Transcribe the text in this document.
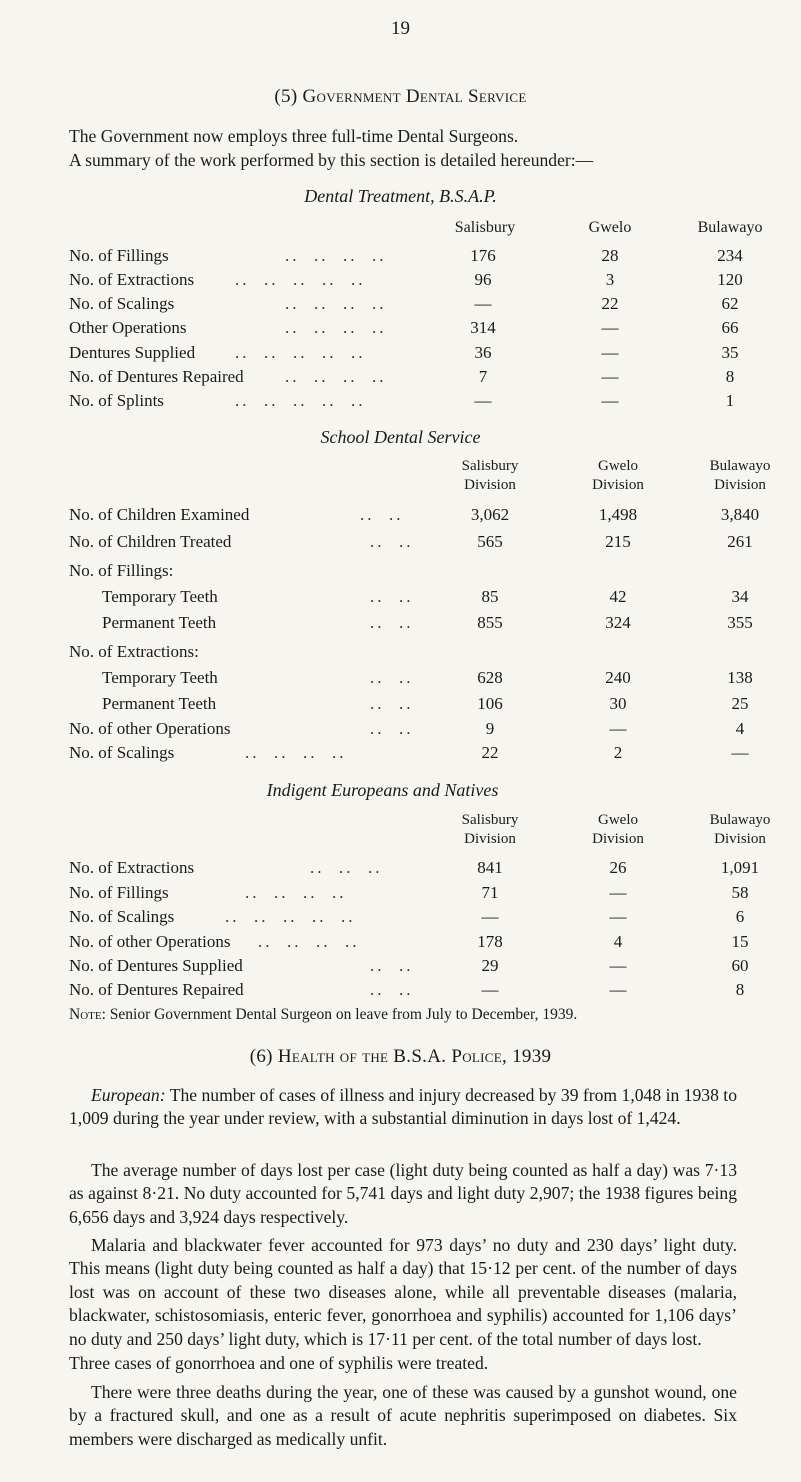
19
(5) Government Dental Service
The Government now employs three full-time Dental Surgeons.
A summary of the work performed by this section is detailed hereunder:—
Dental Treatment, B.S.A.P.
Salisbury	Gwelo	Bulawayo
No. of Fillings	..  ..  ..  ..	176	28	234
No. of Extractions ..  ..  ..  ..  ..	96	3	120
No. of Scalings	..  ..  ..  ..	—	22	62
Other Operations	..  ..  ..  ..	314	—	66
Dentures Supplied ..  ..  ..  ..  ..	36	—	35
No. of Dentures Repaired ..  ..  ..  ..	7	—	8
No. of Splints	..  ..  ..  ..  ..	—	—	1
School Dental Service
Salisbury
Division
Gwelo
Division
Bulawayo
Division
No. of Children Examined	..  ..	3,062	1,498	3,840
No. of Children Treated	..  ..	565	215	261
No. of Fillings:
Temporary Teeth	..  ..	85	42	34
Permanent Teeth	..  ..	855	324	355
No. of Extractions:
Temporary Teeth	..  ..	628	240	138
Permanent Teeth	..  ..	106	30	25
No. of other Operations	..  ..	9	—	4
No. of Scalings	..  ..  ..  ..	22	2	—
Indigent Europeans and Natives
Salisbury
Division
Gwelo
Division
Bulawayo
Division
No. of Extractions	..  ..  ..	841	26	1,091
No. of Fillings	..  ..  ..  ..	71	—	58
No. of Scalings	..  ..  ..  ..  ..	—	—	6
No. of other Operations ..  ..  ..  ..	178	4	15
No. of Dentures Supplied	..  ..	29	—	60
No. of Dentures Repaired	..  ..	—	—	8
Note: Senior Government Dental Surgeon on leave from July to December, 1939.
(6) Health of the B.S.A. Police, 1939
European: The number of cases of illness and injury decreased by 39 from 1,048 in 1938 to 1,009 during the year under review, with a substantial diminution in days lost of 1,424.
The average number of days lost per case (light duty being counted as half a day) was 7·13 as against 8·21. No duty accounted for 5,741 days and light duty 2,907; the 1938 figures being 6,656 days and 3,924 days respectively.
Malaria and blackwater fever accounted for 973 days’ no duty and 230 days’ light duty. This means (light duty being counted as half a day) that 15·12 per cent. of the number of days lost was on account of these two diseases alone, while all preventable diseases (malaria, blackwater, schistosomiasis, enteric fever, gonorrhoea and syphilis) accounted for 1,106 days’ no duty and 250 days’ light duty, which is 17·11 per cent. of the total number of days lost.
Three cases of gonorrhoea and one of syphilis were treated.
There were three deaths during the year, one of these was caused by a gunshot wound, one by a fractured skull, and one as a result of acute nephritis superimposed on diabetes. Six members were discharged as medically unfit.
